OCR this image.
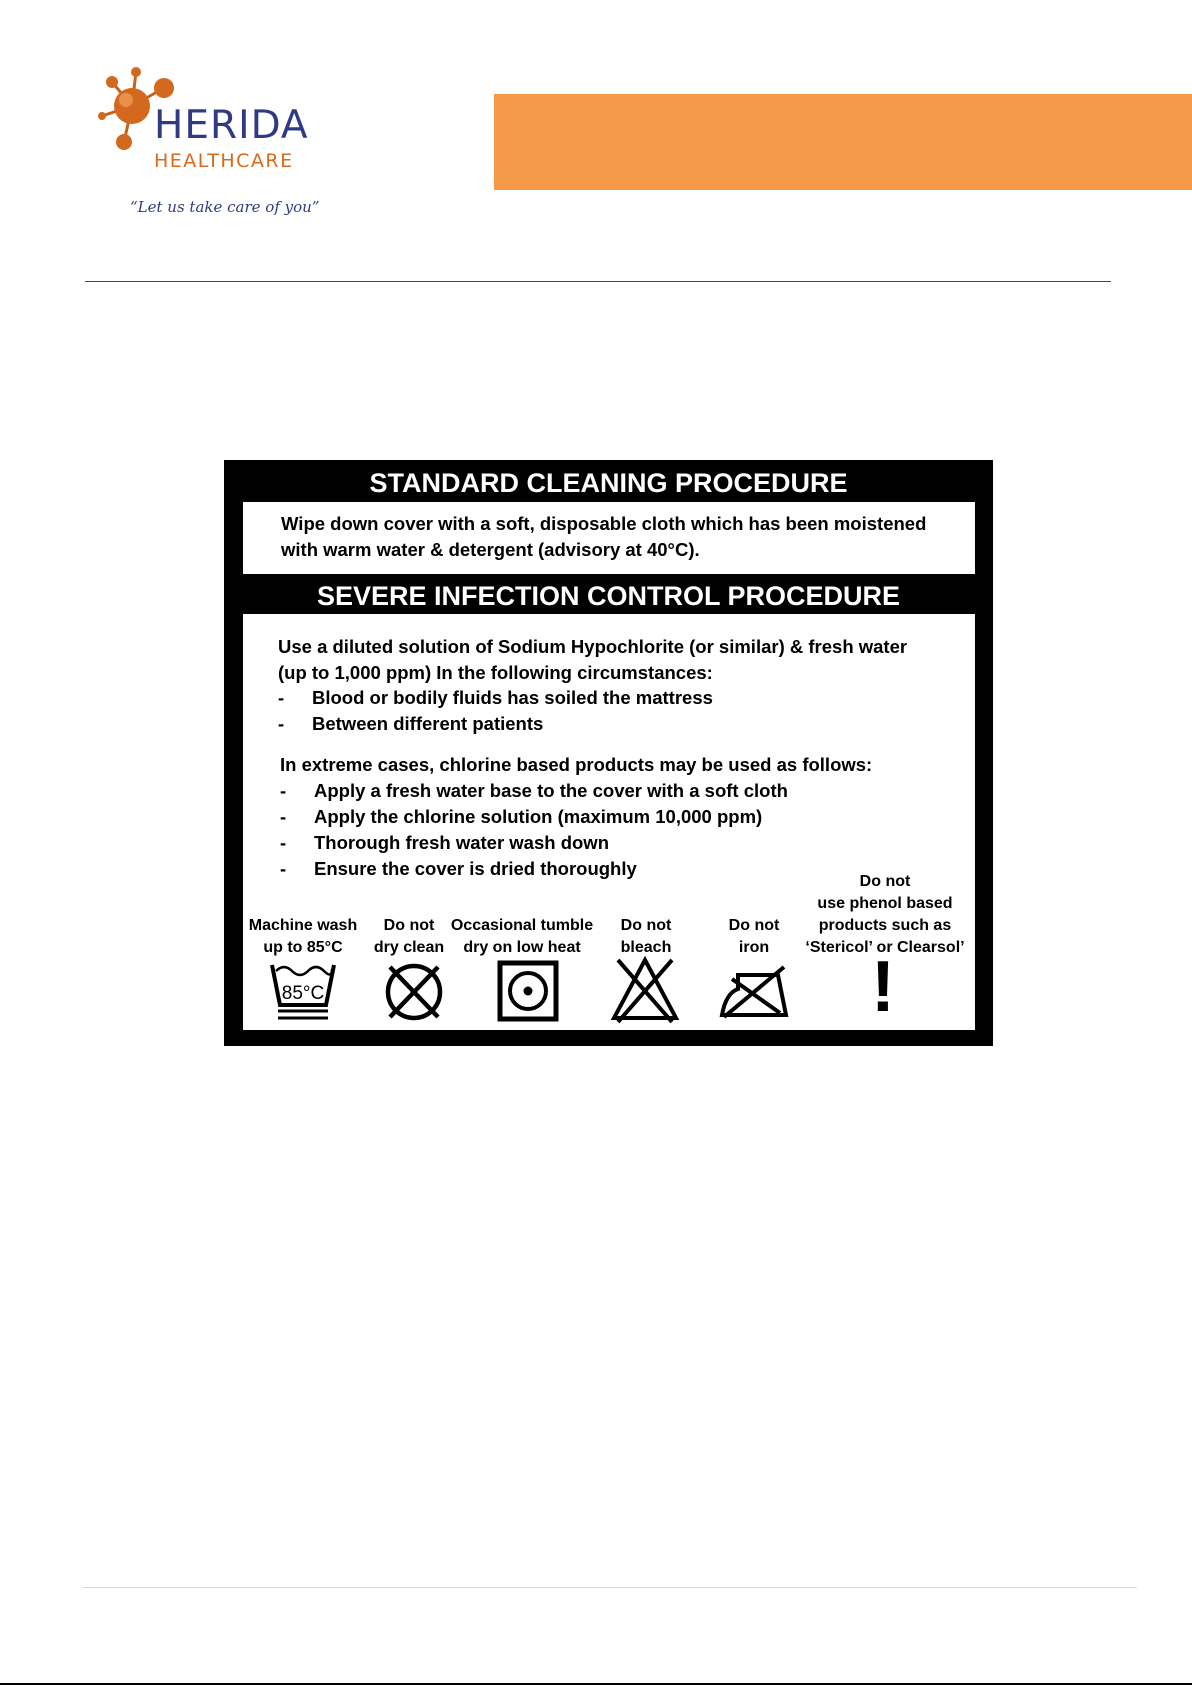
HERIDA
HEALTHCARE
“Let us take care of you”
STANDARD CLEANING PROCEDURE
Wipe down cover with a soft, disposable cloth which has been moistened
with warm water & detergent (advisory at 40°C).
SEVERE INFECTION CONTROL PROCEDURE
Use a diluted solution of Sodium Hypochlorite (or similar) & fresh water
(up to 1,000 ppm) In the following circumstances:
- Blood or bodily fluids has soiled the mattress
- Between different patients
In extreme cases, chlorine based products may be used as follows:
- Apply a fresh water base to the cover with a soft cloth
- Apply the chlorine solution (maximum 10,000 ppm)
- Thorough fresh water wash down
- Ensure the cover is dried thoroughly
Machine wash
up to 85°C
Do not
dry clean
Occasional tumble
dry on low heat
Do not
bleach
Do not
iron
Do not
use phenol based
products such as
‘Stericol’ or Clearsol’
85°C	!
